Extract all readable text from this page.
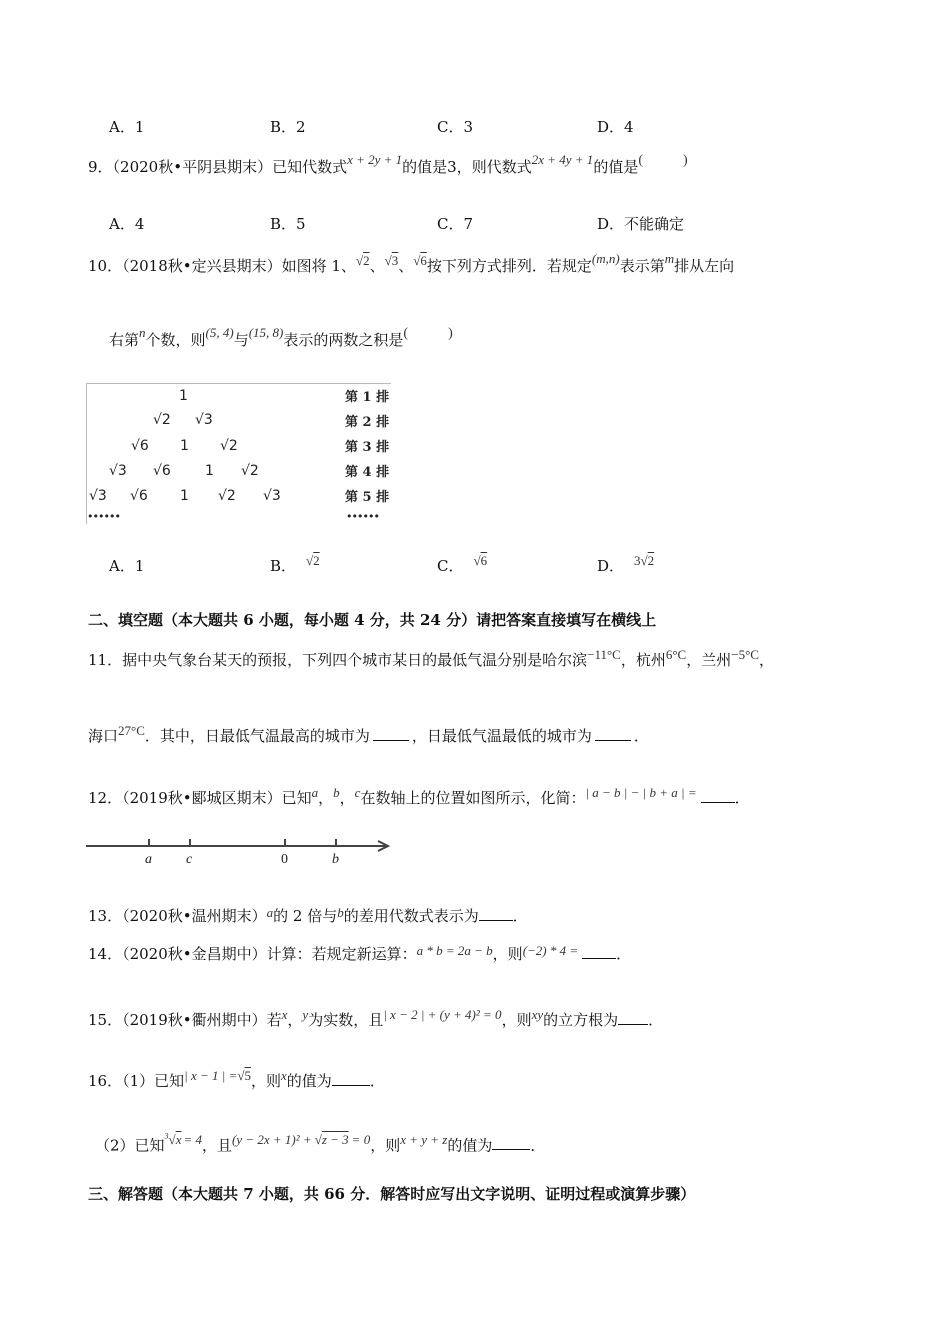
A．1	B．2	C．3	D．4
9．（2020秋•平阴县期末）已知代数式x + 2y + 1的值是3，则代数式2x + 4y + 1的值是(	)
A．4	B．5	C．7	D．不能确定
10．（2018秋•定兴县期末）如图将 1、√2、√3、√6按下列方式排列．若规定(m,n)表示第m排从左向
右第n个数，则(5, 4)与(15, 8)表示的两数之积是(	)
1
√2 √3
√6 1 √2
√3 √6 1 √2
√3 √6 1 √2 √3
••••••
第 1 排
第 2 排
第 3 排
第 4 排
第 5 排
••••••
A．1	B． √2	C． √6	D． 3√2
二、填空题（本大题共 6 小题，每小题 4 分，共 24 分）请把答案直接填写在横线上
11．据中央气象台某天的预报，下列四个城市某日的最低气温分别是哈尔滨−11°C，杭州6°C，兰州−5°C，
海口27°C．其中，日最低气温最高的城市为	，日最低气温最低的城市为	．
12．（2019秋•郾城区期末）已知a，b，c在数轴上的位置如图所示，化简：| a − b | − | b + a | =	．
a c	0	b
13．（2020秋•温州期末）a的 2 倍与b的差用代数式表示为 ．
14．（2020秋•金昌期中）计算：若规定新运算：a * b = 2a − b，则(−2) * 4 =	．
15．（2019秋•衢州期中）若x，y为实数，且| x − 2 | + (y + 4)² = 0，则xy的立方根为 ．
16．（1）已知| x − 1 | =√5，则x的值为	．
（2）已知$^3$√x = 4，且(y − 2x + 1)² + √z − 3 = 0，则x + y + z的值为	．
三、解答题（本大题共 7 小题，共 66 分．解答时应写出文字说明、证明过程或演算步骤）
